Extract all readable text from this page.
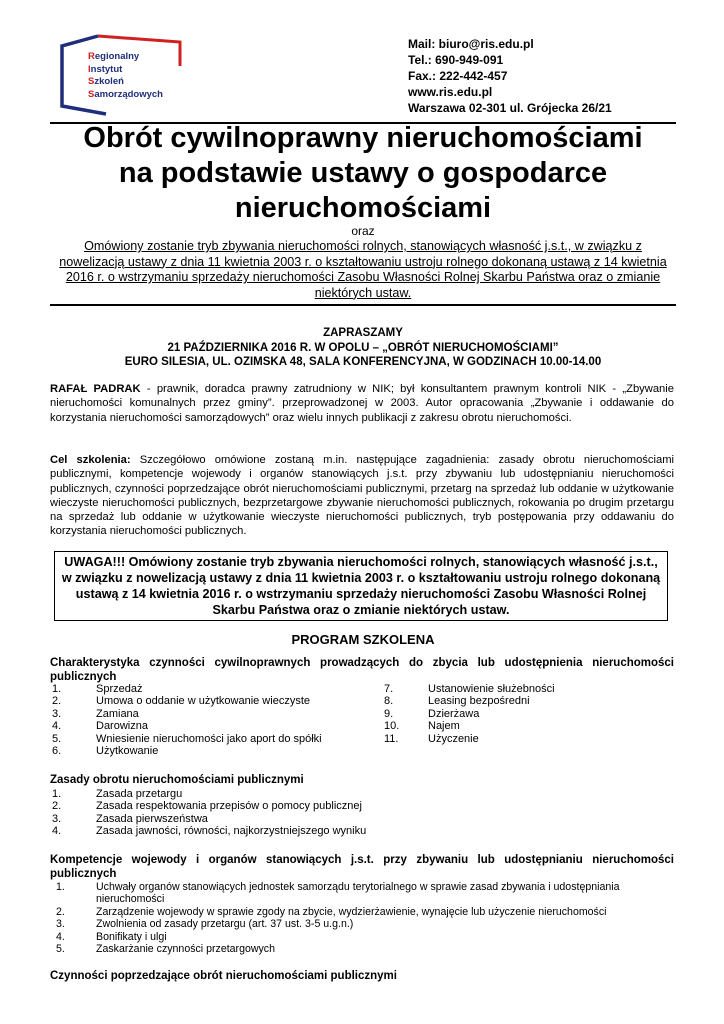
Regionalny
Instytut
Szkoleń
Samorządowych
Mail: biuro@ris.edu.pl
Tel.: 690-949-091
Fax.: 222-442-457
www.ris.edu.pl
Warszawa 02-301 ul. Grójecka 26/21
Obrót cywilnoprawny nieruchomościami
na podstawie ustawy o gospodarce
nieruchomościami
oraz
Omówiony zostanie tryb zbywania nieruchomości rolnych, stanowiących własność j.s.t., w związku z nowelizacją ustawy z dnia 11 kwietnia 2003 r. o kształtowaniu ustroju rolnego dokonaną ustawą z 14 kwietnia 2016 r. o wstrzymaniu sprzedaży nieruchomości Zasobu Własności Rolnej Skarbu Państwa oraz o zmianie niektórych ustaw.
ZAPRASZAMY
21 PAŹDZIERNIKA 2016 R. W OPOLU – „OBRÓT NIERUCHOMOŚCIAMI”
EURO SILESIA, UL. OZIMSKA 48, SALA KONFERENCYJNA, W GODZINACH 10.00-14.00
RAFAŁ PADRAK - prawnik, doradca prawny zatrudniony w NIK; był konsultantem prawnym kontroli NIK - „Zbywanie nieruchomości komunalnych przez gminy”. przeprowadzonej w 2003. Autor opracowania „Zbywanie i oddawanie do korzystania nieruchomości samorządowych” oraz wielu innych publikacji z zakresu obrotu nieruchomości.
Cel szkolenia: Szczegółowo omówione zostaną m.in. następujące zagadnienia: zasady obrotu nieruchomościami publicznymi, kompetencje wojewody i organów stanowiących j.s.t. przy zbywaniu lub udostępnianiu nieruchomości publicznych, czynności poprzedzające obrót nieruchomościami publicznymi, przetarg na sprzedaż lub oddanie w użytkowanie wieczyste nieruchomości publicznych, bezprzetargowe zbywanie nieruchomości publicznych, rokowania po drugim przetargu na sprzedaż lub oddanie w użytkowanie wieczyste nieruchomości publicznych, tryb postępowania przy oddawaniu do korzystania nieruchomości publicznych.
UWAGA!!! Omówiony zostanie tryb zbywania nieruchomości rolnych, stanowiących własność j.s.t., w związku z nowelizacją ustawy z dnia 11 kwietnia 2003 r. o kształtowaniu ustroju rolnego dokonaną ustawą z 14 kwietnia 2016 r. o wstrzymaniu sprzedaży nieruchomości Zasobu Własności Rolnej Skarbu Państwa oraz o zmianie niektórych ustaw.
PROGRAM SZKOLENA
Charakterystyka czynności cywilnoprawnych prowadzących do zbycia lub udostępnienia nieruchomości publicznych
1.	Sprzedaż
2.	Umowa o oddanie w użytkowanie wieczyste
3.	Zamiana
4.	Darowizna
5.	Wniesienie nieruchomości jako aport do spółki
6.	Użytkowanie
7.	Ustanowienie służebności
8.	Leasing bezpośredni
9.	Dzierżawa
10.	Najem
11.	Użyczenie
Zasady obrotu nieruchomościami publicznymi
1.	Zasada przetargu
2.	Zasada respektowania przepisów o pomocy publicznej
3.	Zasada pierwszeństwa
4.	Zasada jawności, równości, najkorzystniejszego wyniku
Kompetencje wojewody i organów stanowiących j.s.t. przy zbywaniu lub udostępnianiu nieruchomości publicznych
1.	Uchwały organów stanowiących jednostek samorządu terytorialnego w sprawie zasad zbywania i udostępniania nieruchomości
2.	Zarządzenie wojewody w sprawie zgody na zbycie, wydzierżawienie, wynajęcie lub użyczenie nieruchomości
3.	Zwolnienia od zasady przetargu (art. 37 ust. 3-5 u.g.n.)
4.	Bonifikaty i ulgi
5.	Zaskarżanie czynności przetargowych
Czynności poprzedzające obrót nieruchomościami publicznymi
